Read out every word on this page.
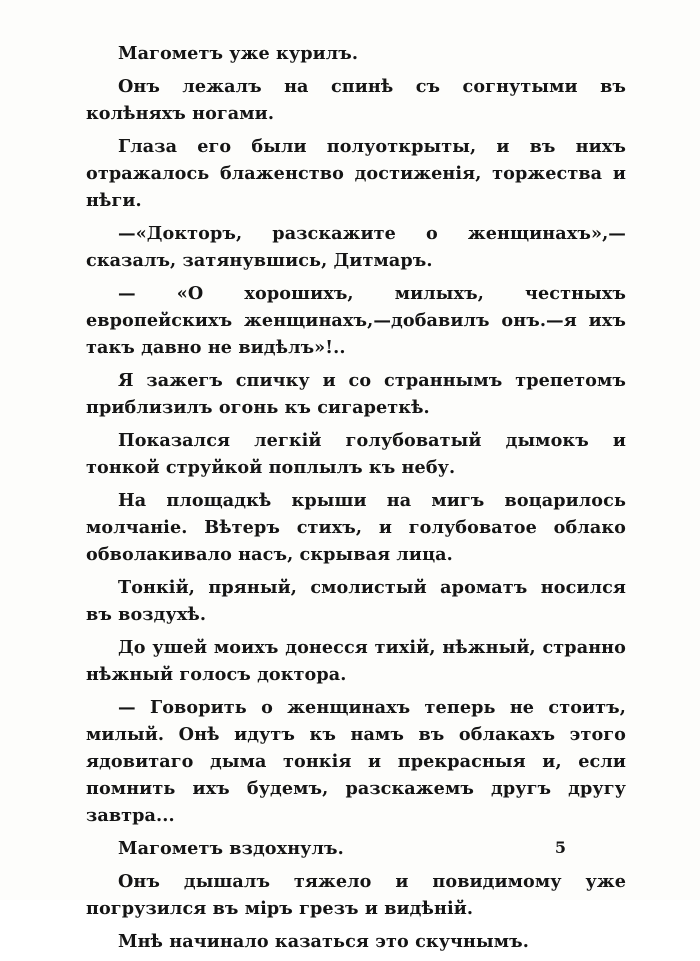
Магометъ уже курилъ.

Онъ лежалъ на спинѣ съ согнутыми въ колѣняхъ ногами.

Глаза его были полуоткрыты, и въ нихъ отражалось блаженство достиженія, торжества и нѣги.

—«Докторъ, разскажите о женщинахъ»,—сказалъ, затянувшись, Дитмаръ.

— «О хорошихъ, милыхъ, честныхъ европейскихъ женщинахъ,—добавилъ онъ.—я ихъ такъ давно не видѣлъ»!..

Я зажегъ спичку и со страннымъ трепетомъ приблизилъ огонь къ сигареткѣ.

Показался легкій голубоватый дымокъ и тонкой струйкой поплылъ къ небу.

На площадкѣ крыши на мигъ воцарилось молчаніе. Вѣтеръ стихъ, и голубоватое облако обволакивало насъ, скрывая лица.

Тонкій, пряный, смолистый ароматъ носился въ воздухѣ.

До ушей моихъ донесся тихій, нѣжный, странно нѣжный голосъ доктора.

— Говорить о женщинахъ теперь не стоитъ, милый. Онѣ идутъ къ намъ въ облакахъ этого ядовитаго дыма тонкія и прекрасныя и, если помнить ихъ будемъ, разскажемъ другъ другу завтра...

Магометъ вздохнулъ.

Онъ дышалъ тяжело и повидимому уже погрузился въ міръ грезъ и видѣній.

Мнѣ начинало казаться это скучнымъ.

5
